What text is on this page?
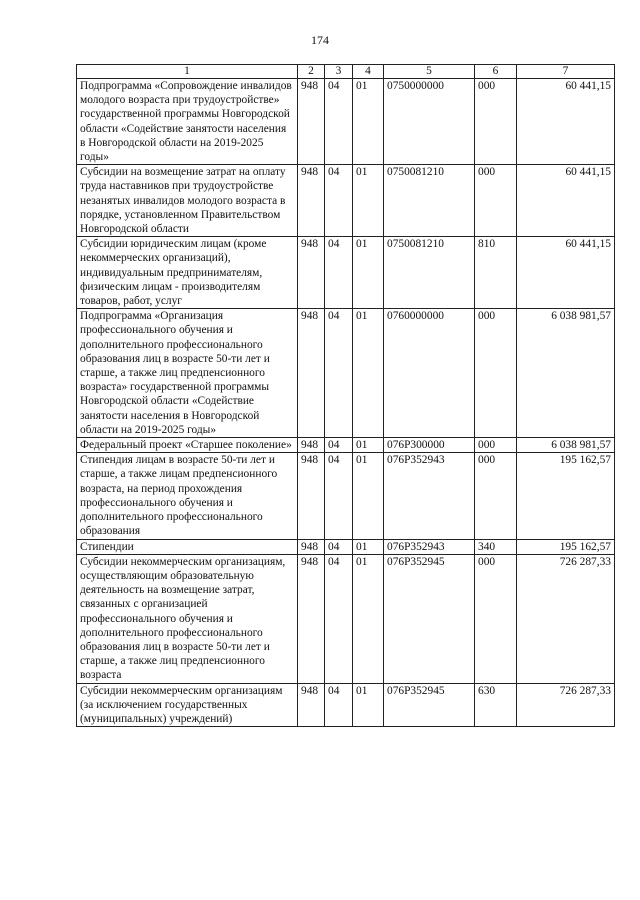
174
1	2	3	4	5	6	7
Подпрограмма «Сопровождение инвалидов молодого возраста при трудоустройстве» государственной программы Новгородской области «Содействие занятости населения в Новгородской области на 2019-2025 годы»	948	04	01	0750000000	000	60 441,15
Субсидии на возмещение затрат на оплату труда наставников при трудоустройстве незанятых инвалидов молодого возраста в порядке, установленном Правительством Новгородской области	948	04	01	0750081210	000	60 441,15
Субсидии юридическим лицам (кроме некоммерческих организаций), индивидуальным предпринимателям, физическим лицам - производителям товаров, работ, услуг	948	04	01	0750081210	810	60 441,15
Подпрограмма «Организация профессионального обучения и дополнительного профессионального образования лиц в возрасте 50-ти лет и старше, а также лиц предпенсионного возраста» государственной программы Новгородской области «Содействие занятости населения в Новгородской области на 2019-2025 годы»	948	04	01	0760000000	000	6 038 981,57
Федеральный проект «Старшее поколение»	948	04	01	076P300000	000	6 038 981,57
Стипендия лицам в возрасте 50-ти лет и старше, а также лицам предпенсионного возраста, на период прохождения профессионального обучения и дополнительного профессионального образования	948	04	01	076P352943	000	195 162,57
Стипендии	948	04	01	076P352943	340	195 162,57
Субсидии некоммерческим организациям, осуществляющим образовательную деятельность на возмещение затрат, связанных с организацией профессионального обучения и дополнительного профессионального образования лиц в возрасте 50-ти лет и старше, а также лиц предпенсионного возраста	948	04	01	076P352945	000	726 287,33
Субсидии некоммерческим организациям (за исключением государственных (муниципальных) учреждений)	948	04	01	076P352945	630	726 287,33
